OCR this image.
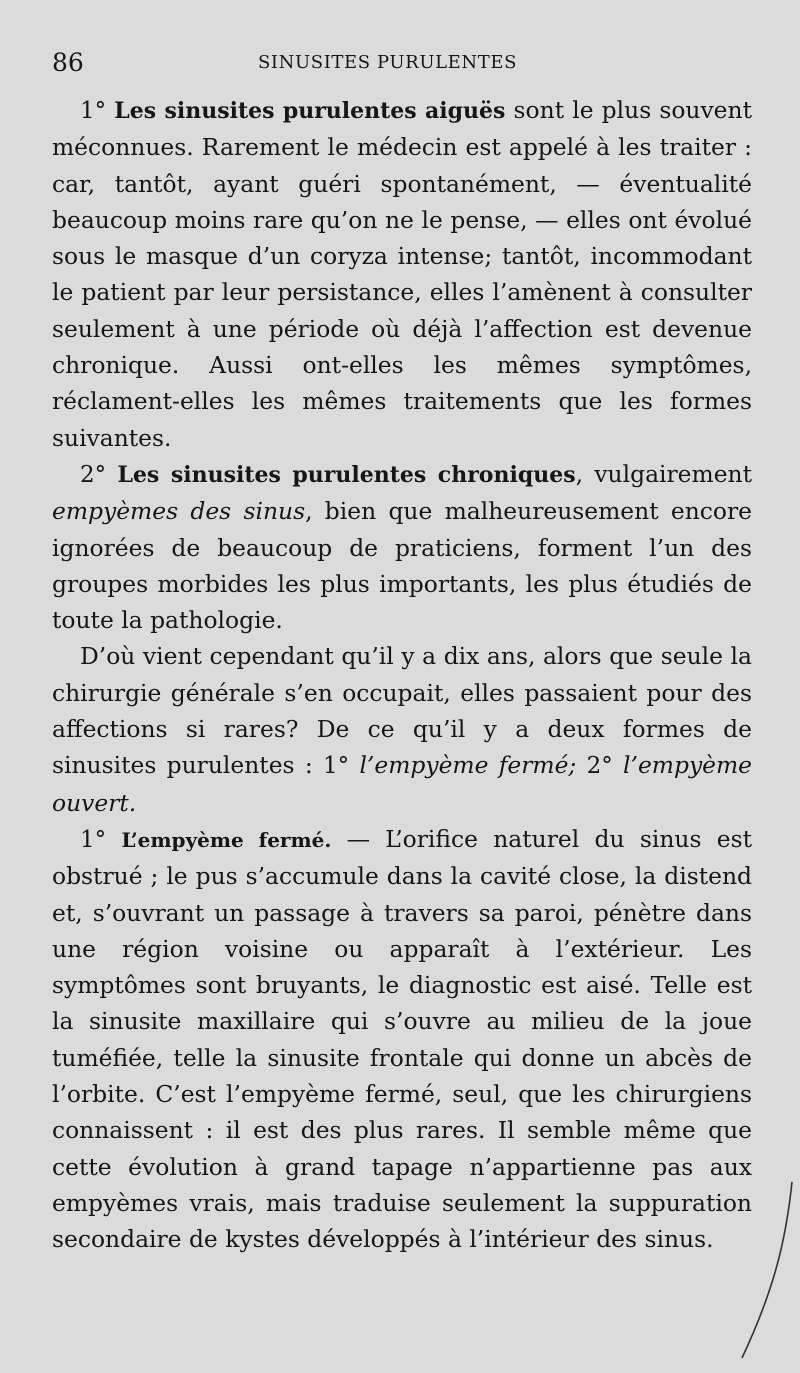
86	SINUSITES PURULENTES

1° Les sinusites purulentes aiguës sont le plus souvent méconnues. Rarement le médecin est appelé à les traiter : car, tantôt, ayant guéri spontanément, — éventualité beaucoup moins rare qu’on ne le pense, — elles ont évolué sous le masque d’un coryza intense; tantôt, incommodant le patient par leur persistance, elles l’amènent à consulter seulement à une période où déjà l’affection est devenue chronique. Aussi ont-elles les mêmes symptômes, réclament-elles les mêmes traitements que les formes suivantes.

2° Les sinusites purulentes chroniques, vulgairement empyèmes des sinus, bien que malheureusement encore ignorées de beaucoup de praticiens, forment l’un des groupes morbides les plus importants, les plus étudiés de toute la pathologie.

D’où vient cependant qu’il y a dix ans, alors que seule la chirurgie générale s’en occupait, elles passaient pour des affections si rares? De ce qu’il y a deux formes de sinusites purulentes : 1° l’empyème fermé; 2° l’empyème ouvert.

1° L’empyème fermé. — L’orifice naturel du sinus est obstrué ; le pus s’accumule dans la cavité close, la distend et, s’ouvrant un passage à travers sa paroi, pénètre dans une région voisine ou apparaît à l’extérieur. Les symptômes sont bruyants, le diagnostic est aisé. Telle est la sinusite maxillaire qui s’ouvre au milieu de la joue tuméfiée, telle la sinusite frontale qui donne un abcès de l’orbite. C’est l’empyème fermé, seul, que les chirurgiens connaissent : il est des plus rares. Il semble même que cette évolution à grand tapage n’appartienne pas aux empyèmes vrais, mais traduise seulement la suppuration secondaire de kystes développés à l’intérieur des sinus.
